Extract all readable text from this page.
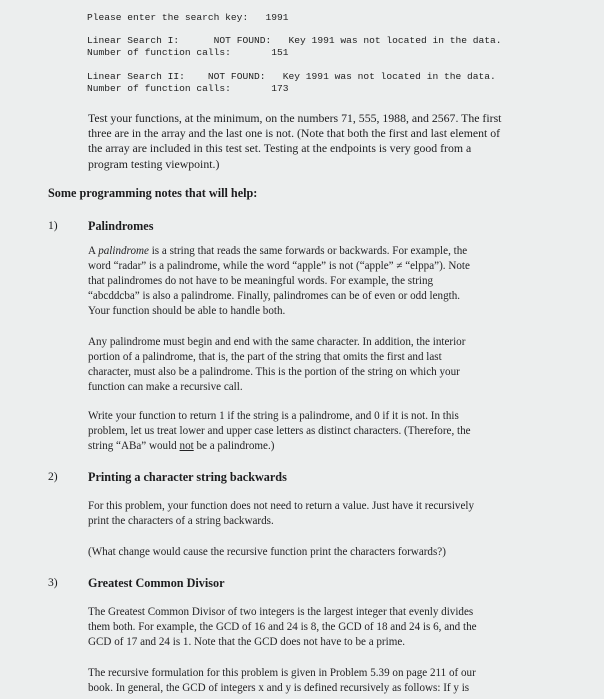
Please enter the search key: 1991
Linear Search I:	NOT FOUND: Key 1991 was not located in the data.
Number of function calls:	151
Linear Search II: NOT FOUND: Key 1991 was not located in the data.
Number of function calls:	173
Test your functions, at the minimum, on the numbers 71, 555, 1988, and 2567. The first
three are in the array and the last one is not. (Note that both the first and last element of
the array are included in this test set. Testing at the endpoints is very good from a
program testing viewpoint.)
Some programming notes that will help:
1) Palindromes
A palindrome is a string that reads the same forwards or backwards. For example, the
word “radar” is a palindrome, while the word “apple” is not (“apple” ≠ “elppa”). Note
that palindromes do not have to be meaningful words. For example, the string
“abcddcba” is also a palindrome. Finally, palindromes can be of even or odd length.
Your function should be able to handle both.
Any palindrome must begin and end with the same character. In addition, the interior
portion of a palindrome, that is, the part of the string that omits the first and last
character, must also be a palindrome. This is the portion of the string on which your
function can make a recursive call.
Write your function to return 1 if the string is a palindrome, and 0 if it is not. In this
problem, let us treat lower and upper case letters as distinct characters. (Therefore, the
string “ABa” would not be a palindrome.)
2) Printing a character string backwards
For this problem, your function does not need to return a value. Just have it recursively
print the characters of a string backwards.
(What change would cause the recursive function print the characters forwards?)
3) Greatest Common Divisor
The Greatest Common Divisor of two integers is the largest integer that evenly divides
them both. For example, the GCD of 16 and 24 is 8, the GCD of 18 and 24 is 6, and the
GCD of 17 and 24 is 1. Note that the GCD does not have to be a prime.
The recursive formulation for this problem is given in Problem 5.39 on page 211 of our
book. In general, the GCD of integers x and y is defined recursively as follows: If y is
